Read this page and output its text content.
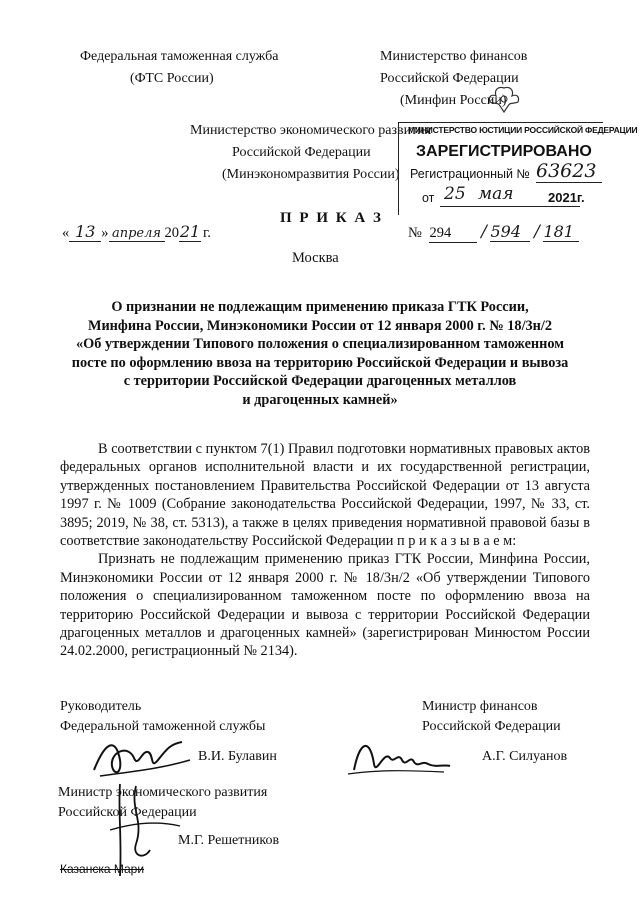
Федеральная таможенная служба
(ФТС России)
Министерство финансов
Российской Федерации
(Минфин России)
Министерство экономического развития
Российской Федерации
(Минэкономразвития России)
МИНИСТЕРСТВО ЮСТИЦИИ РОССИЙСКОЙ ФЕДЕРАЦИИ
ЗАРЕГИСТРИРОВАНО
Регистрационный № 63623
от 25 мая	2021г.
П Р И К А З
« 13 » апреля 2021 г.	№ 294 / 594 / 181
Москва
О признании не подлежащим применению приказа ГТК России,
Минфина России, Минэкономики России от 12 января 2000 г. № 18/3н/2
«Об утверждении Типового положения о специализированном таможенном
посте по оформлению ввоза на территорию Российской Федерации и вывоза
с территории Российской Федерации драгоценных металлов
и драгоценных камней»

В соответствии с пунктом 7(1) Правил подготовки нормативных правовых актов федеральных органов исполнительной власти и их государственной регистрации, утвержденных постановлением Правительства Российской Федерации от 13 августа 1997 г. № 1009 (Собрание законодательства Российской Федерации, 1997, № 33, ст. 3895; 2019, № 38, ст. 5313), а также в целях приведения нормативной правовой базы в соответствие законодательству Российской Федерации п р и к а з ы в а е м:

Признать не подлежащим применению приказ ГТК России, Минфина России, Минэкономики России от 12 января 2000 г. № 18/3н/2 «Об утверждении Типового положения о специализированном таможенном посте по оформлению ввоза на территорию Российской Федерации и вывоза с территории Российской Федерации драгоценных металлов и драгоценных камней» (зарегистрирован Минюстом России 24.02.2000, регистрационный № 2134).

Руководитель
Федеральной таможенной службы
В.И. Булавин
Министр финансов
Российской Федерации
А.Г. Силуанов
Министр экономического развития
Российской Федерации
М.Г. Решетников
Казанска Мари
